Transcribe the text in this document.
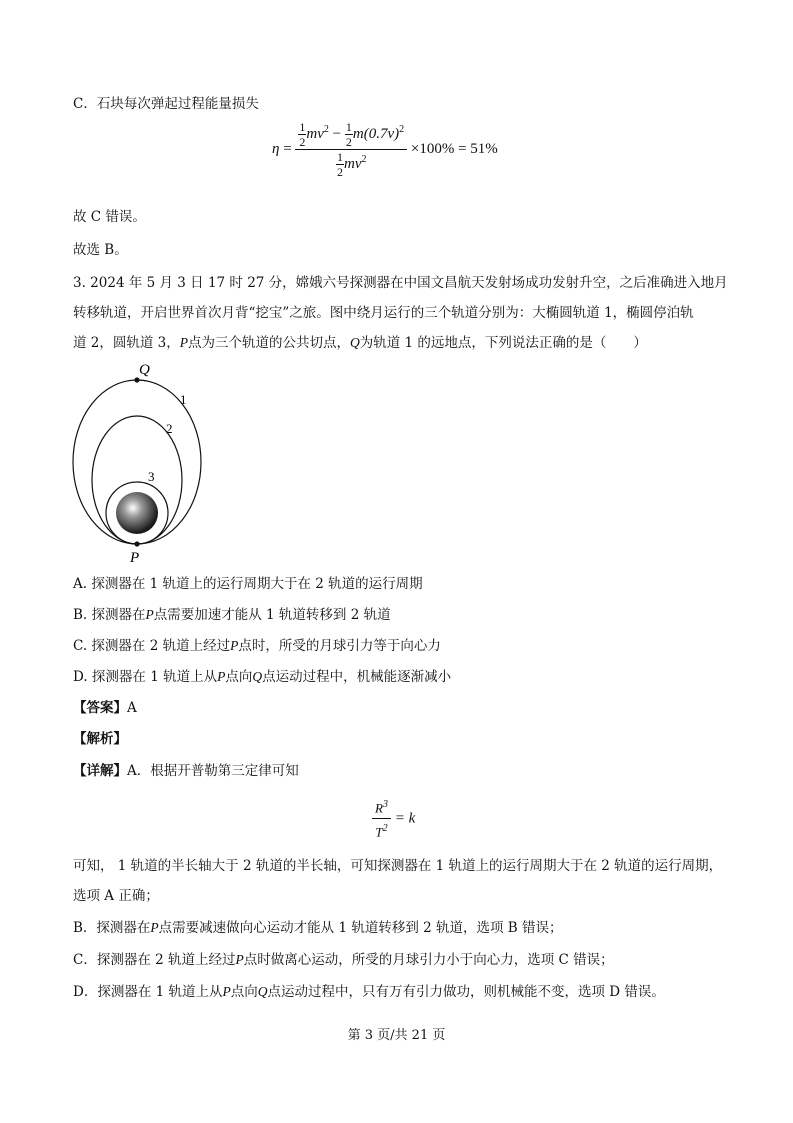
C．石块每次弹起过程能量损失
$\eta = \frac{\frac{1}{2} mv^2 - \frac{1}{2} m(0.7v)^2}{\frac{1}{2} mv^2} \times 100\% = 51\%$
故 C 错误。
故选 B。
3. 2024 年 5 月 3 日 17 时 27 分，嫦娥六号探测器在中国文昌航天发射场成功发射升空，之后准确进入地月
转移轨道，开启世界首次月背“挖宝”之旅。图中绕月运行的三个轨道分别为：大椭圆轨道 1，椭圆停泊轨
道 2，圆轨道 3，P点为三个轨道的公共切点，Q为轨道 1 的远地点，下列说法正确的是（　　）
Q
P
1
2
3
A. 探测器在 1 轨道上的运行周期大于在 2 轨道的运行周期
B. 探测器在P点需要加速才能从 1 轨道转移到 2 轨道
C. 探测器在 2 轨道上经过P点时，所受的月球引力等于向心力
D. 探测器在 1 轨道上从P点向Q点运动过程中，机械能逐渐减小
【答案】A
【解析】
【详解】A．根据开普勒第三定律可知
$\frac{R^3}{T^2} = k$
可知， 1 轨道的半长轴大于 2 轨道的半长轴，可知探测器在 1 轨道上的运行周期大于在 2 轨道的运行周期，
选项 A 正确；
B．探测器在P点需要减速做向心运动才能从 1 轨道转移到 2 轨道，选项 B 错误；
C．探测器在 2 轨道上经过P点时做离心运动，所受的月球引力小于向心力，选项 C 错误；
D．探测器在 1 轨道上从P点向Q点运动过程中，只有万有引力做功，则机械能不变，选项 D 错误。
第 3 页/共 21 页
